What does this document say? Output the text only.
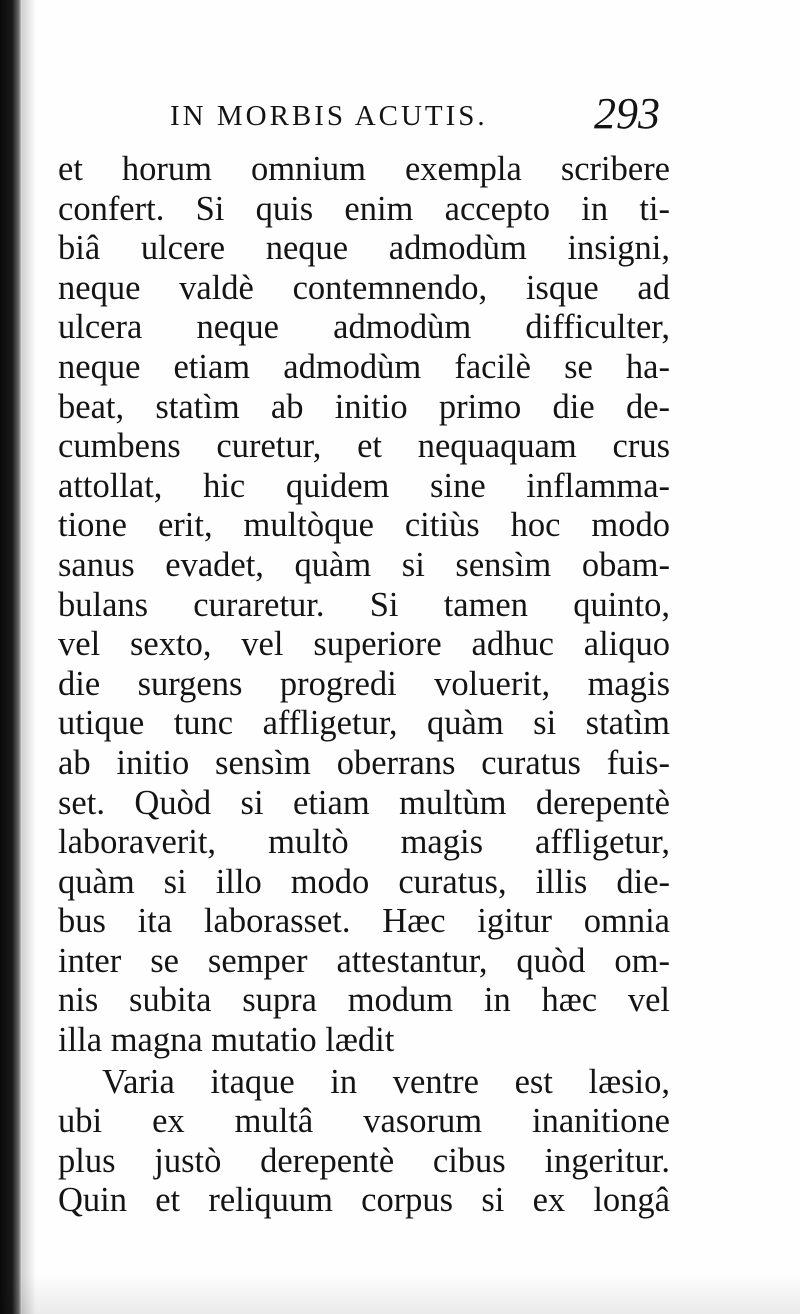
IN MORBIS ACUTIS. 293
et horum omnium exempla scribere
confert. Si quis enim accepto in ti-
biâ ulcere neque admodùm insigni,
neque valdè contemnendo, isque ad
ulcera neque admodùm difficulter,
neque etiam admodùm facilè se ha-
beat, statìm ab initio primo die de-
cumbens curetur, et nequaquam crus
attollat, hic quidem sine inflamma-
tione erit, multòque citiùs hoc modo
sanus evadet, quàm si sensìm obam-
bulans curaretur. Si tamen quinto,
vel sexto, vel superiore adhuc aliquo
die surgens progredi voluerit, magis
utique tunc affligetur, quàm si statìm
ab initio sensìm oberrans curatus fuis-
set. Quòd si etiam multùm derepentè
laboraverit, multò magis affligetur,
quàm si illo modo curatus, illis die-
bus ita laborasset. Hæc igitur omnia
inter se semper attestantur, quòd om-
nis subita supra modum in hæc vel
illa magna mutatio lædit
Varia itaque in ventre est læsio,
ubi ex multâ vasorum inanitione
plus justò derepentè cibus ingeritur.
Quin et reliquum corpus si ex longâ
